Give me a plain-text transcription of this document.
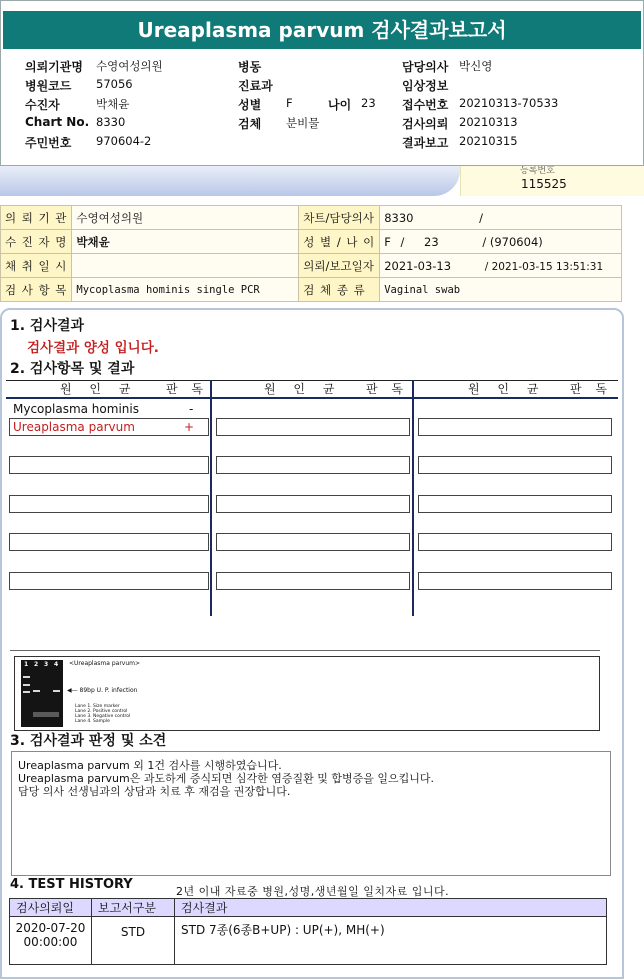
Ureaplasma parvum 검사결과보고서
의뢰기관명 수영여성의원
병원코드 57056
수진자	박채윤
Chart No. 8330
주민번호 970604-2
병동
진료과
성별 F	나이 23
검체 분비물
담당의사 박신영
임상정보
접수번호 20210313-70533
검사의뢰 20210313
결과보고 20210315
등록번호
115525
의 뢰 기 관	수영여성의원	차트/담당의사	8330 /
수 진 자 명	박채윤	성 별 / 나 이	F / 23 / (970604)
채 취 일 시		의뢰/보고일자	2021-03-13 / 2021-03-15 13:51:31
검 사 항 목	Mycoplasma hominis single PCR	검 체 종 류	Vaginal swab
1. 검사결과
검사결과 양성 입니다.
2. 검사항목 및 결과
원 인 균 판 독	원 인 균 판 독	원 인 균 판 독
Mycoplasma hominis	-
Ureaplasma parvum	+
1 2 3 4 <Ureaplasma parvum>
◀— 89bp U. P. infection
Lane 1. Size marker
Lane 2. Positive control
Lane 3. Negative control
Lane 4. Sample
3. 검사결과 판정 및 소견
Ureaplasma parvum 외 1건 검사를 시행하였습니다.
Ureaplasma parvum은 과도하게 증식되면 심각한 염증질환 및 합병증을 일으킵니다.
담당 의사 선생님과의 상담과 치료 후 재검을 권장합니다.
4. TEST HISTORY	2년 이내 자료중 병원,성명,생년월일 일치자료 입니다.
검사의뢰일	보고서구분	검사결과

2020-07-20
00:00:00	STD	STD 7종(6종B+UP) : UP(+), MH(+)
